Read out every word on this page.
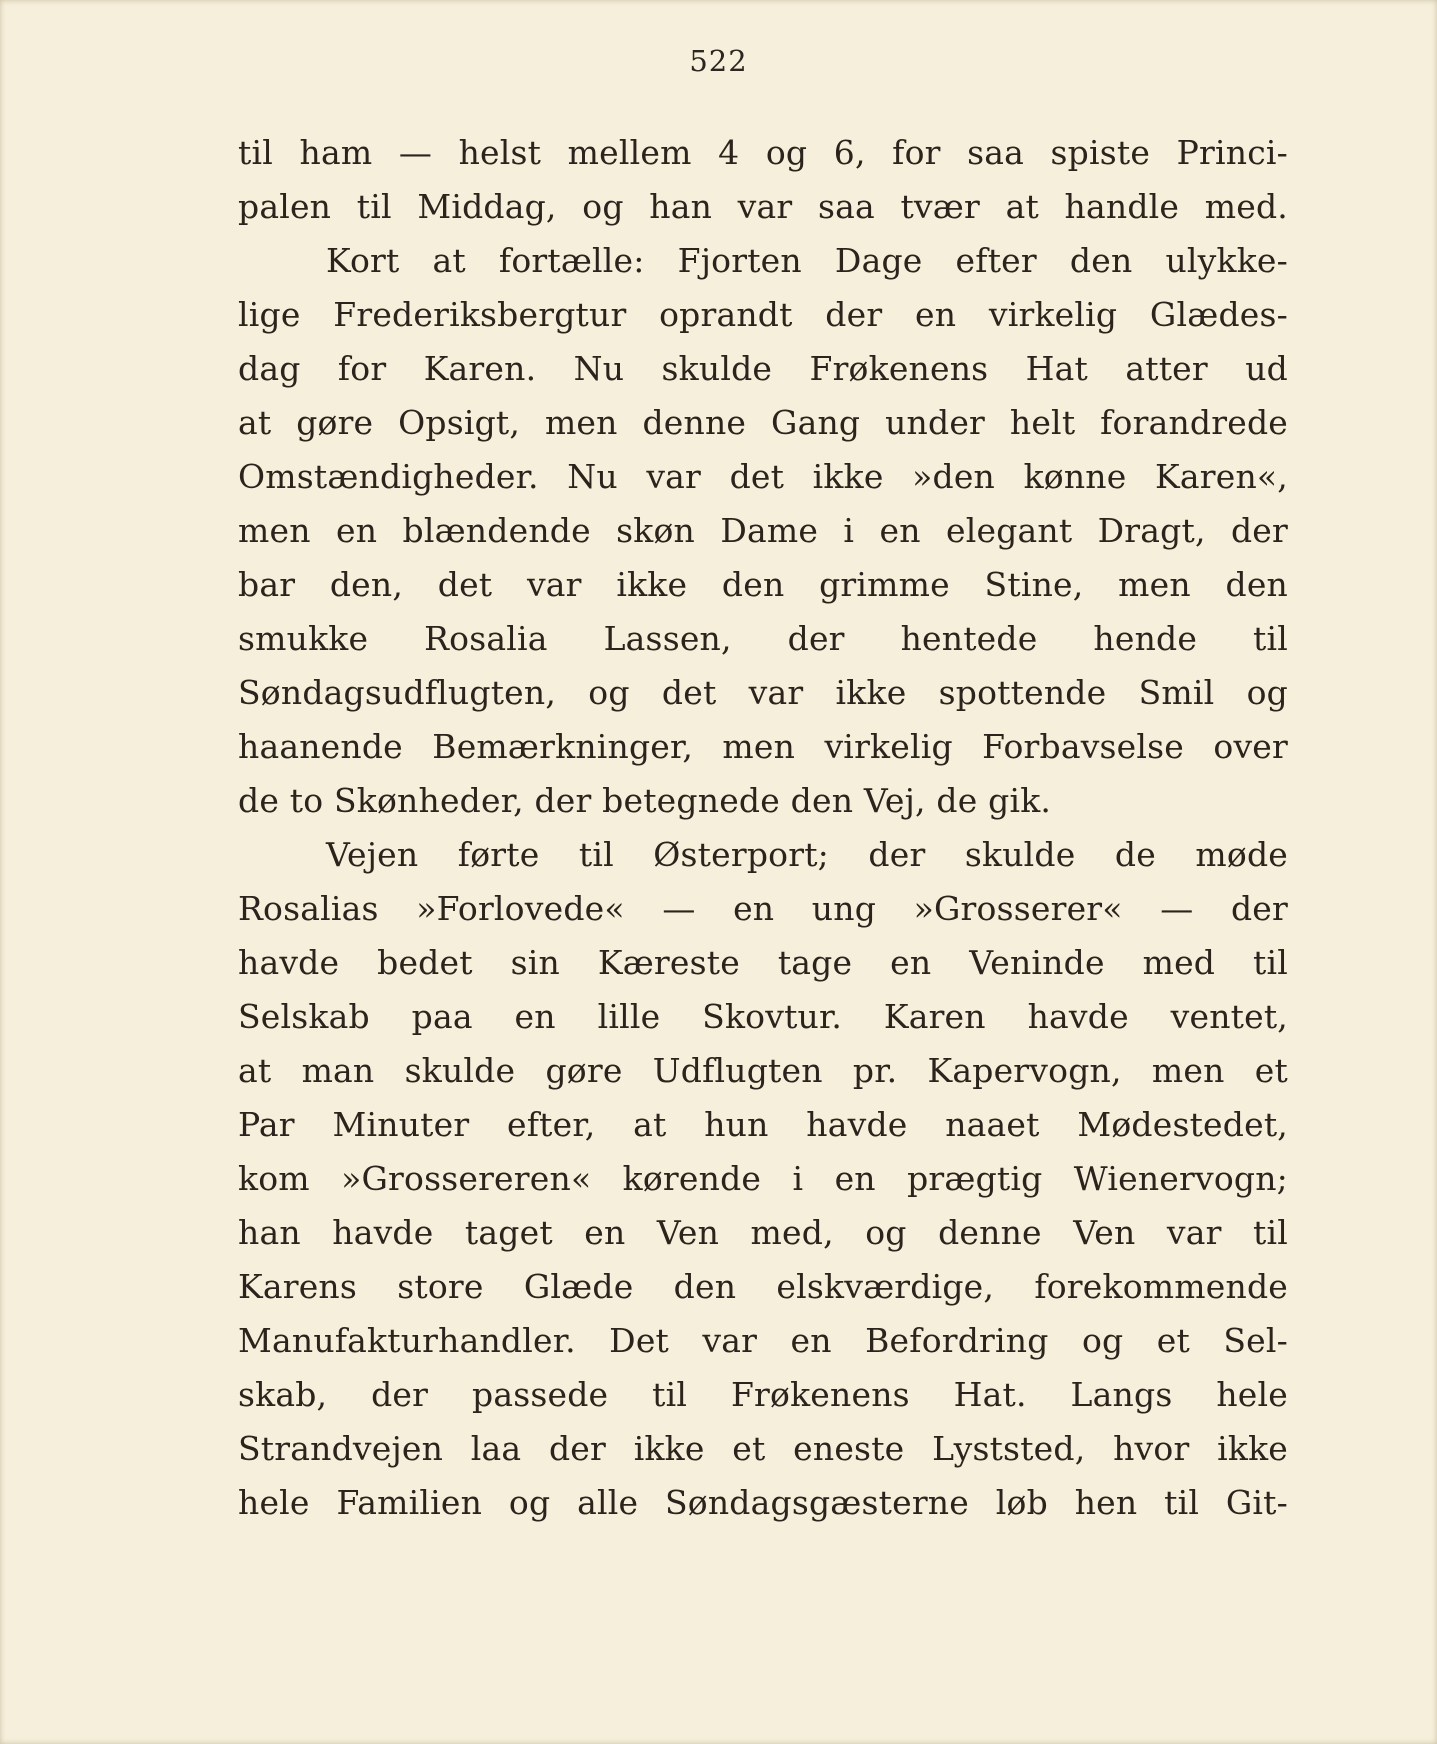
522

til ham — helst mellem 4 og 6, for saa spiste Princi-
palen til Middag, og han var saa tvær at handle med.
Kort at fortælle: Fjorten Dage efter den ulykke-
lige Frederiksbergtur oprandt der en virkelig Glædes-
dag for Karen. Nu skulde Frøkenens Hat atter ud
at gøre Opsigt, men denne Gang under helt forandrede
Omstændigheder. Nu var det ikke »den kønne Karen«,
men en blændende skøn Dame i en elegant Dragt, der
bar den, det var ikke den grimme Stine, men den
smukke Rosalia Lassen, der hentede hende til
Søndagsudflugten, og det var ikke spottende Smil og
haanende Bemærkninger, men virkelig Forbavselse over
de to Skønheder, der betegnede den Vej, de gik.
Vejen førte til Østerport; der skulde de møde
Rosalias »Forlovede« — en ung »Grosserer« — der
havde bedet sin Kæreste tage en Veninde med til
Selskab paa en lille Skovtur. Karen havde ventet,
at man skulde gøre Udflugten pr. Kapervogn, men et
Par Minuter efter, at hun havde naaet Mødestedet,
kom »Grossereren« kørende i en prægtig Wienervogn;
han havde taget en Ven med, og denne Ven var til
Karens store Glæde den elskværdige, forekommende
Manufakturhandler. Det var en Befordring og et Sel-
skab, der passede til Frøkenens Hat. Langs hele
Strandvejen laa der ikke et eneste Lyststed, hvor ikke
hele Familien og alle Søndagsgæsterne løb hen til Git-
